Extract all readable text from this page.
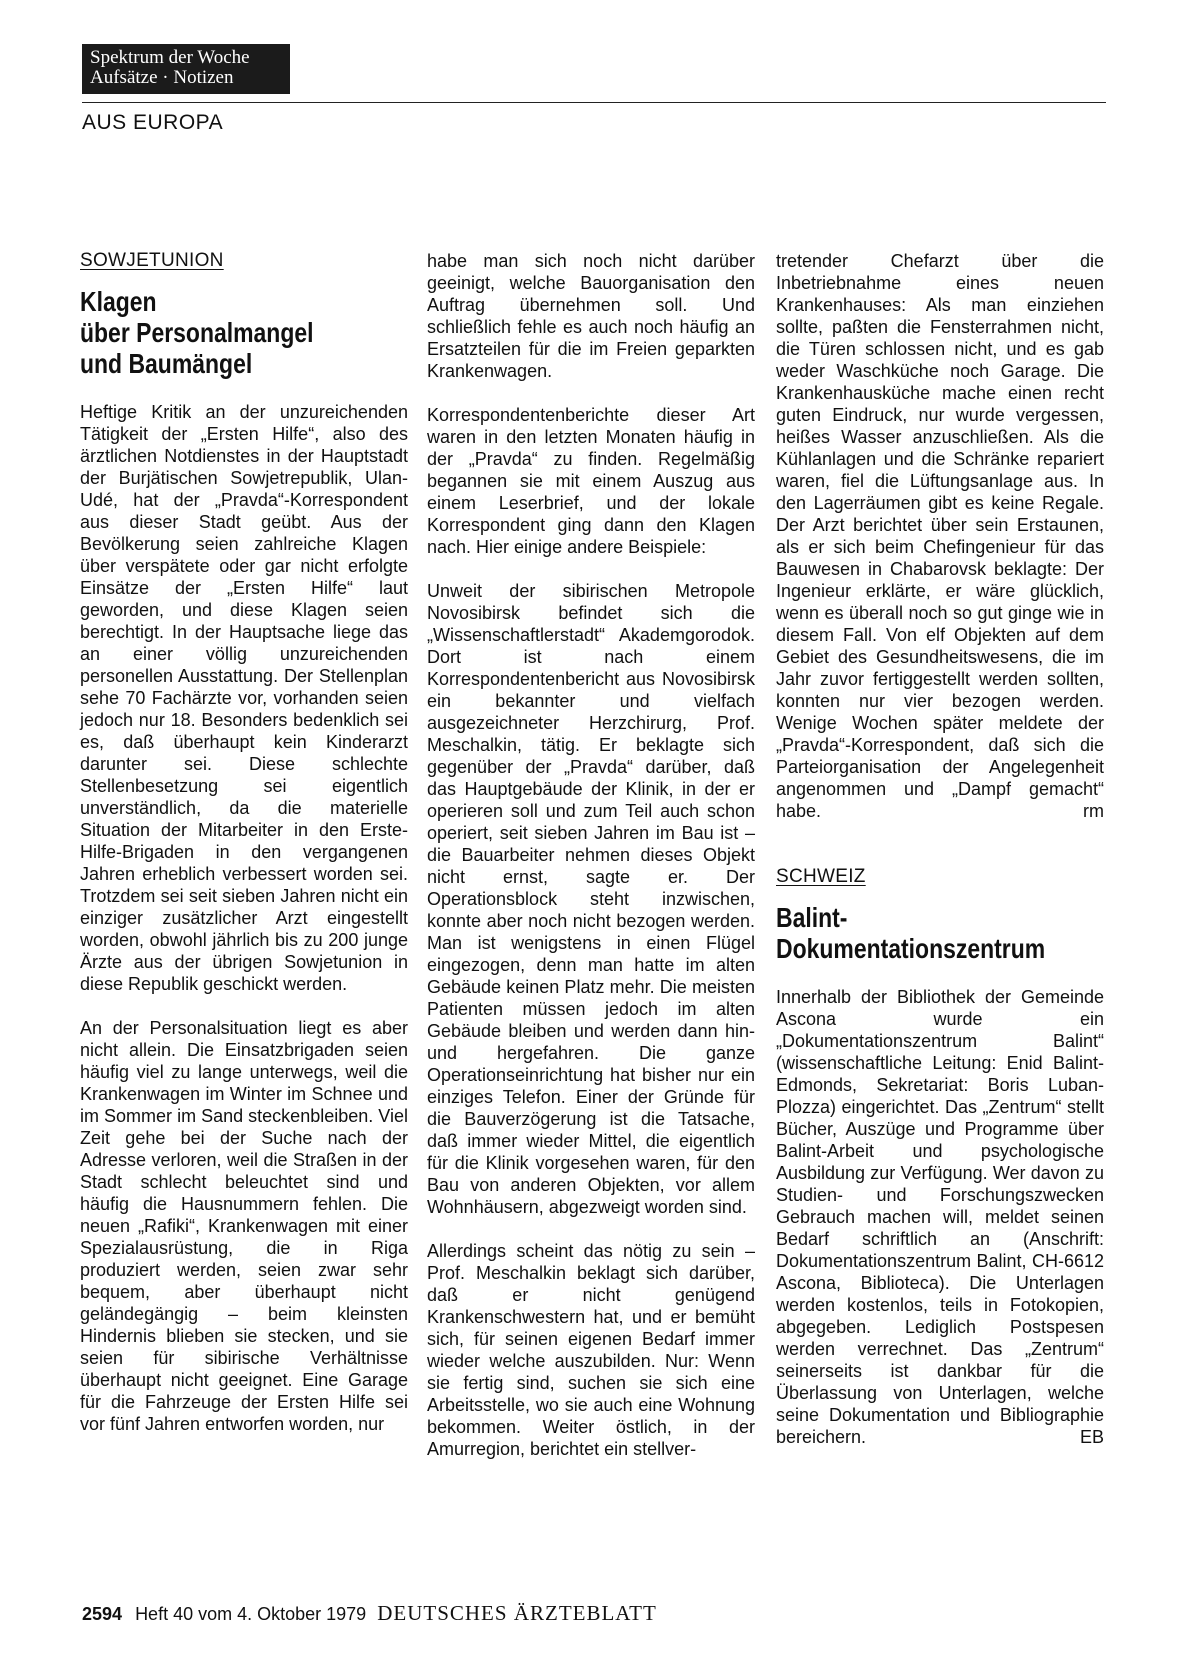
Spektrum der Woche
Aufsätze · Notizen
AUS EUROPA
SOWJETUNION
Klagen
über Personalmangel
und Baumängel

Heftige Kritik an der unzureichenden Tätigkeit der „Ersten Hilfe“, also des ärztlichen Notdienstes in der Hauptstadt der Burjätischen Sowjetrepublik, Ulan-Udé, hat der „Pravda“-Korrespondent aus dieser Stadt geübt. Aus der Bevölkerung seien zahlreiche Klagen über verspätete oder gar nicht erfolgte Einsätze der „Ersten Hilfe“ laut geworden, und diese Klagen seien berechtigt. In der Hauptsache liege das an einer völlig unzureichenden personellen Ausstattung. Der Stellenplan sehe 70 Fachärzte vor, vorhanden seien jedoch nur 18. Besonders bedenklich sei es, daß überhaupt kein Kinderarzt darunter sei. Diese schlechte Stellenbesetzung sei eigentlich unverständlich, da die materielle Situation der Mitarbeiter in den Erste-Hilfe-Brigaden in den vergangenen Jahren erheblich verbessert worden sei. Trotzdem sei seit sieben Jahren nicht ein einziger zusätzlicher Arzt eingestellt worden, obwohl jährlich bis zu 200 junge Ärzte aus der übrigen Sowjetunion in diese Republik geschickt werden.

An der Personalsituation liegt es aber nicht allein. Die Einsatzbrigaden seien häufig viel zu lange unterwegs, weil die Krankenwagen im Winter im Schnee und im Sommer im Sand steckenbleiben. Viel Zeit gehe bei der Suche nach der Adresse verloren, weil die Straßen in der Stadt schlecht beleuchtet sind und häufig die Hausnummern fehlen. Die neuen „Rafiki“, Krankenwagen mit einer Spezialausrüstung, die in Riga produziert werden, seien zwar sehr bequem, aber überhaupt nicht geländegängig – beim kleinsten Hindernis blieben sie stecken, und sie seien für sibirische Verhältnisse überhaupt nicht geeignet. Eine Garage für die Fahrzeuge der Ersten Hilfe sei vor fünf Jahren entworfen worden, nur

habe man sich noch nicht darüber geeinigt, welche Bauorganisation den Auftrag übernehmen soll. Und schließlich fehle es auch noch häufig an Ersatzteilen für die im Freien geparkten Krankenwagen.

Korrespondentenberichte dieser Art waren in den letzten Monaten häufig in der „Pravda“ zu finden. Regelmäßig begannen sie mit einem Auszug aus einem Leserbrief, und der lokale Korrespondent ging dann den Klagen nach. Hier einige andere Beispiele:

Unweit der sibirischen Metropole Novosibirsk befindet sich die „Wissenschaftlerstadt“ Akademgorodok. Dort ist nach einem Korrespondentenbericht aus Novosibirsk ein bekannter und vielfach ausgezeichneter Herzchirurg, Prof. Meschalkin, tätig. Er beklagte sich gegenüber der „Pravda“ darüber, daß das Hauptgebäude der Klinik, in der er operieren soll und zum Teil auch schon operiert, seit sieben Jahren im Bau ist – die Bauarbeiter nehmen dieses Objekt nicht ernst, sagte er. Der Operationsblock steht inzwischen, konnte aber noch nicht bezogen werden. Man ist wenigstens in einen Flügel eingezogen, denn man hatte im alten Gebäude keinen Platz mehr. Die meisten Patienten müssen jedoch im alten Gebäude bleiben und werden dann hin- und hergefahren. Die ganze Operationseinrichtung hat bisher nur ein einziges Telefon. Einer der Gründe für die Bauverzögerung ist die Tatsache, daß immer wieder Mittel, die eigentlich für die Klinik vorgesehen waren, für den Bau von anderen Objekten, vor allem Wohnhäusern, abgezweigt worden sind.

Allerdings scheint das nötig zu sein – Prof. Meschalkin beklagt sich darüber, daß er nicht genügend Krankenschwestern hat, und er bemüht sich, für seinen eigenen Bedarf immer wieder welche auszubilden. Nur: Wenn sie fertig sind, suchen sie sich eine Arbeitsstelle, wo sie auch eine Wohnung bekommen. Weiter östlich, in der Amurregion, berichtet ein stellver-

tretender Chefarzt über die Inbetriebnahme eines neuen Krankenhauses: Als man einziehen sollte, paßten die Fensterrahmen nicht, die Türen schlossen nicht, und es gab weder Waschküche noch Garage. Die Krankenhausküche mache einen recht guten Eindruck, nur wurde vergessen, heißes Wasser anzuschließen. Als die Kühlanlagen und die Schränke repariert waren, fiel die Lüftungsanlage aus. In den Lagerräumen gibt es keine Regale. Der Arzt berichtet über sein Erstaunen, als er sich beim Chefingenieur für das Bauwesen in Chabarovsk beklagte: Der Ingenieur erklärte, er wäre glücklich, wenn es überall noch so gut ginge wie in diesem Fall. Von elf Objekten auf dem Gebiet des Gesundheitswesens, die im Jahr zuvor fertiggestellt werden sollten, konnten nur vier bezogen werden. Wenige Wochen später meldete der „Pravda“-Korrespondent, daß sich die Parteiorganisation der Angelegenheit angenommen und „Dampf gemacht“ habe.	rm

SCHWEIZ
Balint-
Dokumentationszentrum

Innerhalb der Bibliothek der Gemeinde Ascona wurde ein „Dokumentationszentrum Balint“ (wissenschaftliche Leitung: Enid Balint-Edmonds, Sekretariat: Boris Luban-Plozza) eingerichtet. Das „Zentrum“ stellt Bücher, Auszüge und Programme über Balint-Arbeit und psychologische Ausbildung zur Verfügung. Wer davon zu Studien- und Forschungszwecken Gebrauch machen will, meldet seinen Bedarf schriftlich an (Anschrift: Dokumentationszentrum Balint, CH-6612 Ascona, Biblioteca). Die Unterlagen werden kostenlos, teils in Fotokopien, abgegeben. Lediglich Postspesen werden verrechnet. Das „Zentrum“ seinerseits ist dankbar für die Überlassung von Unterlagen, welche seine Dokumentation und Bibliographie bereichern.	EB

2594 Heft 40 vom 4. Oktober 1979 DEUTSCHES ÄRZTEBLATT
